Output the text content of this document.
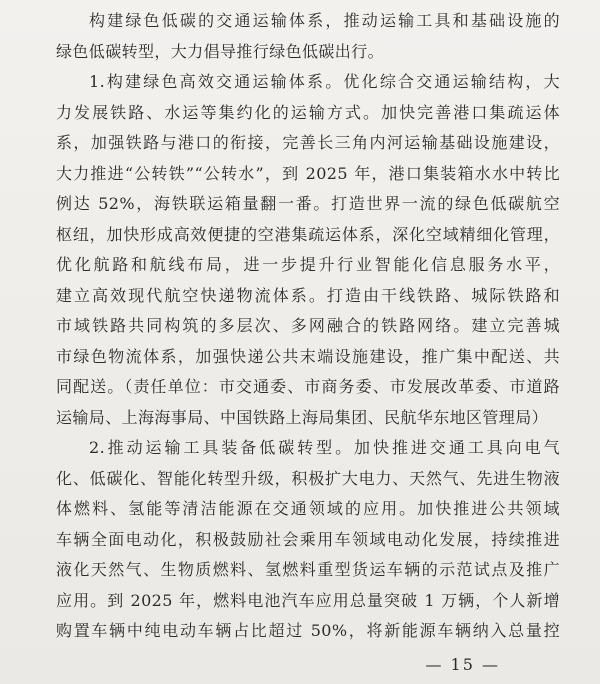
构建绿色低碳的交通运输体系，推动运输工具和基础设施的
绿色低碳转型，大力倡导推行绿色低碳出行。
1.构建绿色高效交通运输体系。优化综合交通运输结构，大
力发展铁路、水运等集约化的运输方式。加快完善港口集疏运体
系，加强铁路与港口的衔接，完善长三角内河运输基础设施建设，
大力推进“公转铁”“公转水”，到 2025 年，港口集装箱水水中转比
例达 52%，海铁联运箱量翻一番。打造世界一流的绿色低碳航空
枢纽，加快形成高效便捷的空港集疏运体系，深化空域精细化管理，
优化航路和航线布局，进一步提升行业智能化信息服务水平，
建立高效现代航空快递物流体系。打造由干线铁路、城际铁路和
市域铁路共同构筑的多层次、多网融合的铁路网络。建立完善城
市绿色物流体系，加强快递公共末端设施建设，推广集中配送、共
同配送。（责任单位：市交通委、市商务委、市发展改革委、市道路
运输局、上海海事局、中国铁路上海局集团、民航华东地区管理局）
2.推动运输工具装备低碳转型。加快推进交通工具向电气
化、低碳化、智能化转型升级，积极扩大电力、天然气、先进生物液
体燃料、氢能等清洁能源在交通领域的应用。加快推进公共领域
车辆全面电动化，积极鼓励社会乘用车领域电动化发展，持续推进
液化天然气、生物质燃料、氢燃料重型货运车辆的示范试点及推广
应用。到 2025 年，燃料电池汽车应用总量突破 1 万辆，个人新增
购置车辆中纯电动车辆占比超过 50%，将新能源车辆纳入总量控
— 15 —
